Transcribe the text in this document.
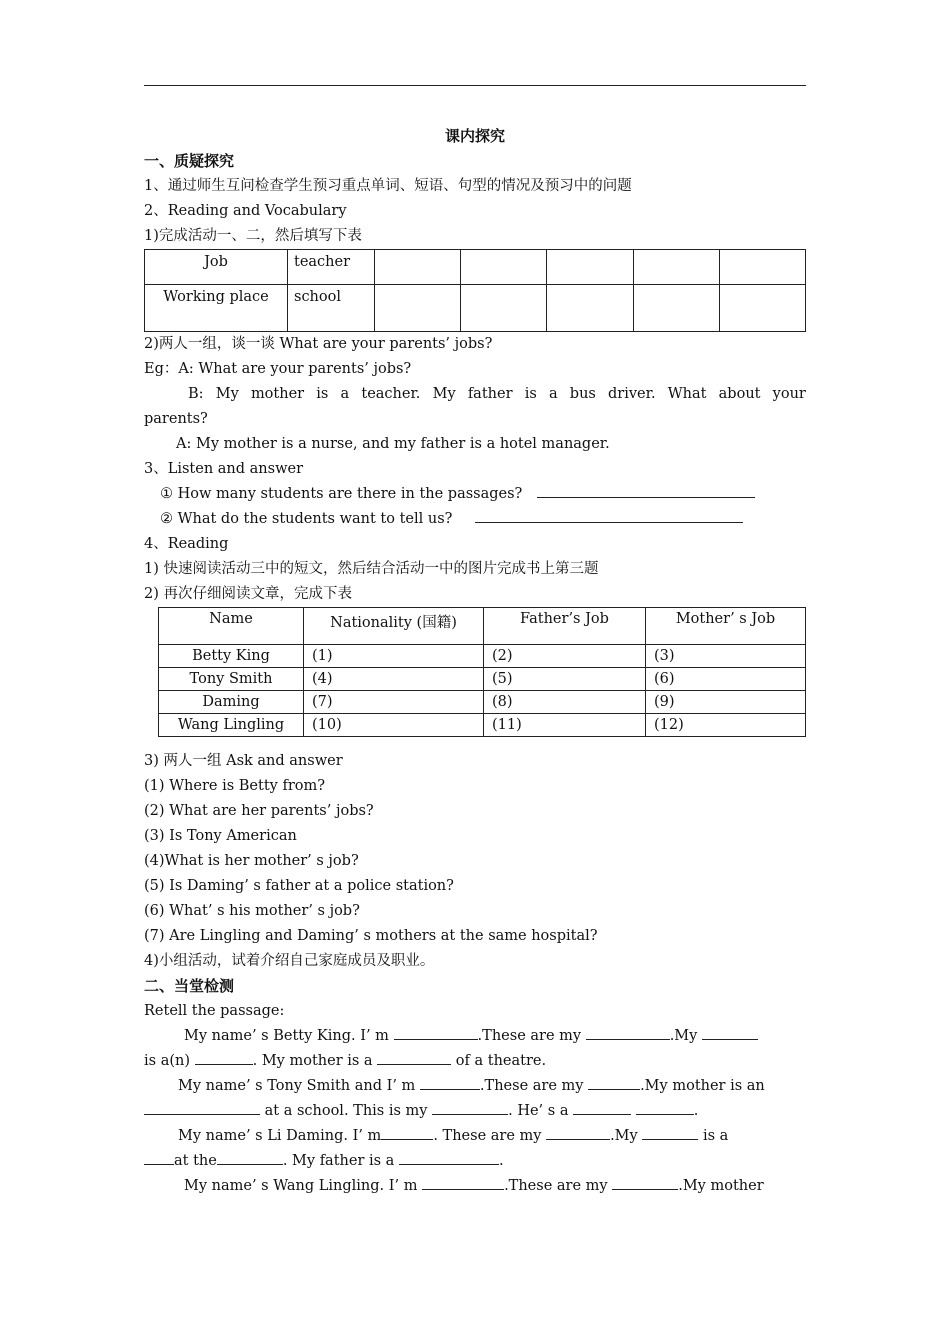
课内探究
一、质疑探究
1、通过师生互问检查学生预习重点单词、短语、句型的情况及预习中的问题
2、Reading and Vocabulary
1)完成活动一、二，然后填写下表
Job	teacher					
Working place	school					
2)两人一组，谈一谈 What are your parents’ jobs?
Eg：A: What are your parents’ jobs?
B: My mother is a teacher. My father is a bus driver. What about your
parents?
A: My mother is a nurse, and my father is a hotel manager.
3、Listen and answer
① How many students are there in the passages?
② What do the students want to tell us?
4、Reading
1) 快速阅读活动三中的短文，然后结合活动一中的图片完成书上第三题
2) 再次仔细阅读文章，完成下表
Name	Nationality (国籍)	Father’s Job	Mother’ s Job
Betty King	(1)	(2)	(3)
Tony Smith	(4)	(5)	(6)
Daming	(7)	(8)	(9)
Wang Lingling	(10)	(11)	(12)
3) 两人一组 Ask and answer
(1) Where is Betty from?
(2) What are her parents’ jobs?
(3) Is Tony American
(4)What is her mother’ s job?
(5) Is Daming’ s father at a police station?
(6) What’ s his mother’ s job?
(7) Are Lingling and Daming’ s mothers at the same hospital?
4)小组活动，试着介绍自己家庭成员及职业。
二、当堂检测
Retell the passage:
My name’ s Betty King. I’ m	.These are my	.My
is a(n)	. My mother is a	of a theatre.
My name’ s Tony Smith and I’ m	.These are my	.My mother is an
at a school. This is my	. He’ s a	.
My name’ s Li Daming. I’ m	. These are my	.My	is a
at the	. My father is a	.
My name’ s Wang Lingling. I’ m	.These are my	.My mother
